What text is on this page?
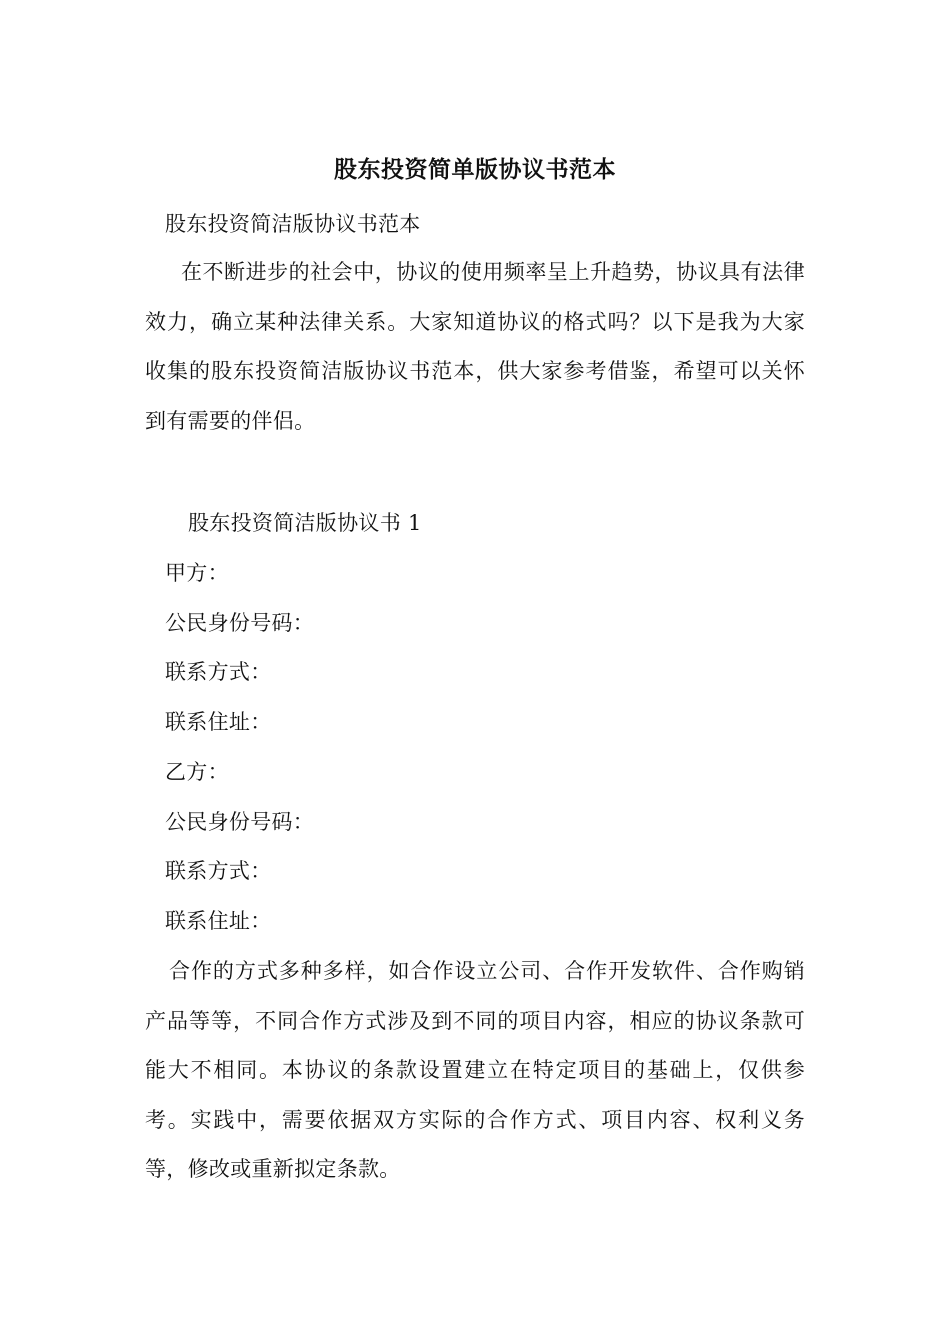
股东投资简单版协议书范本
股东投资简洁版协议书范本
在不断进步的社会中，协议的使用频率呈上升趋势，协议具有法律效力，确立某种法律关系。大家知道协议的格式吗？以下是我为大家收集的股东投资简洁版协议书范本，供大家参考借鉴，希望可以关怀到有需要的伴侣。
股东投资简洁版协议书 1
甲方：
公民身份号码：
联系方式：
联系住址：
乙方：
公民身份号码：
联系方式：
联系住址：
合作的方式多种多样，如合作设立公司、合作开发软件、合作购销产品等等，不同合作方式涉及到不同的项目内容，相应的协议条款可能大不相同。本协议的条款设置建立在特定项目的基础上，仅供参考。实践中，需要依据双方实际的合作方式、项目内容、权利义务等，修改或重新拟定条款。
